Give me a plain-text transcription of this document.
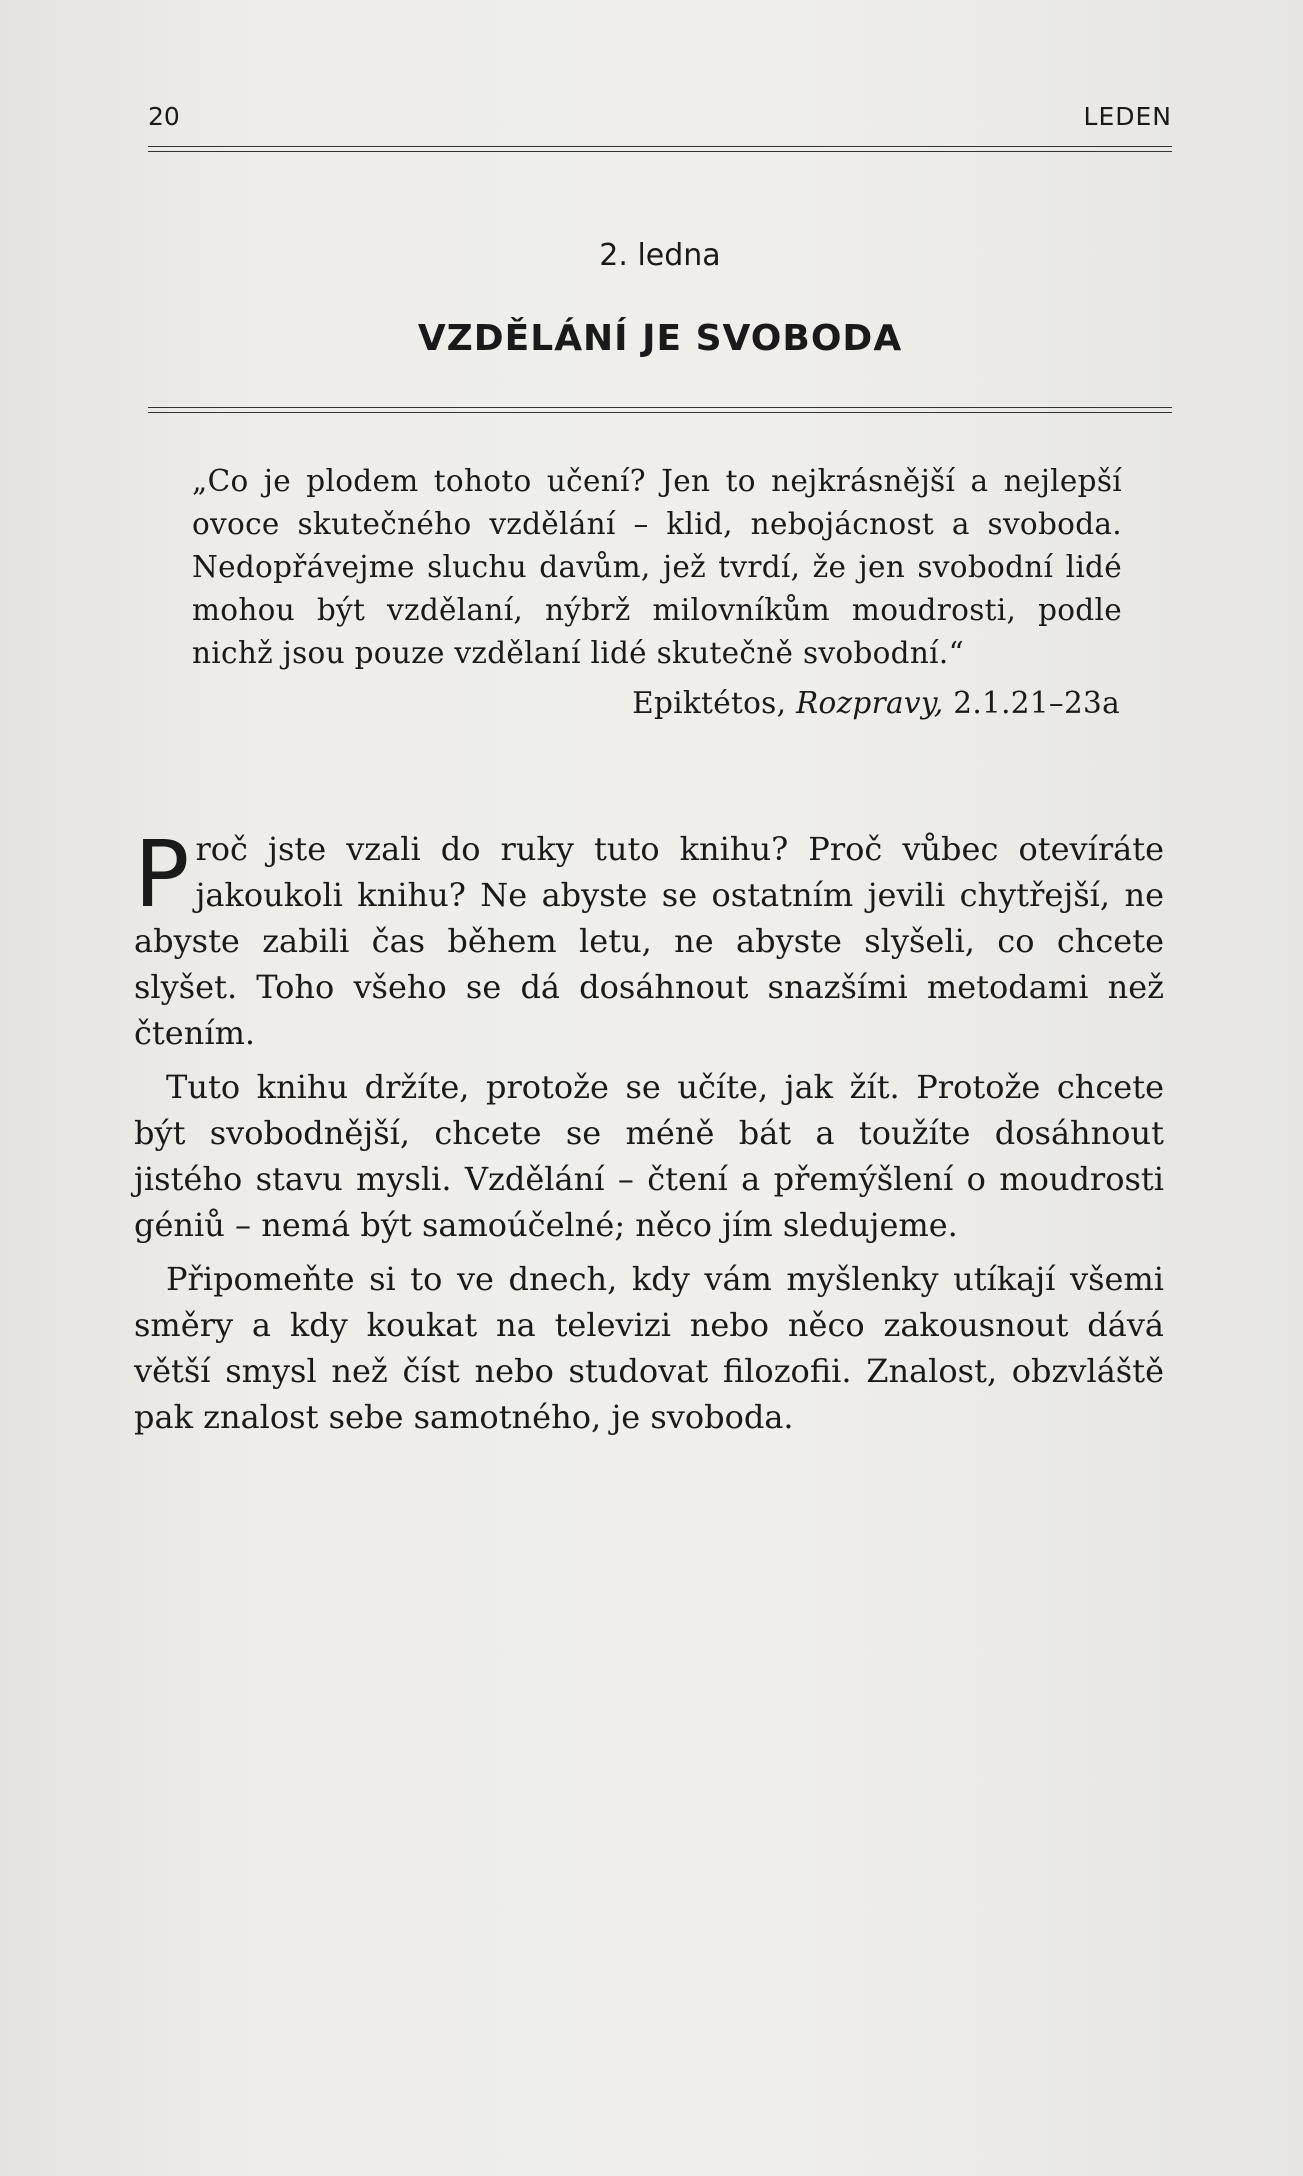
20	LEDEN
2. ledna
VZDĚLÁNÍ JE SVOBODA
„Co je plodem tohoto učení? Jen to nejkrásnější a nejlepší ovoce skutečného vzdělání – klid, nebojácnost a svoboda. Nedopřávejme sluchu davům, jež tvrdí, že jen svobodní lidé mohou být vzdělaní, nýbrž milovníkům moudrosti, podle nichž jsou pouze vzdělaní lidé skutečně svobodní.“
Epiktétos, Rozpravy, 2.1.21–23a

Proč jste vzali do ruky tuto knihu? Proč vůbec otevíráte jakoukoli knihu? Ne abyste se ostatním jevili chytřejší, ne abyste zabili čas během letu, ne abyste slyšeli, co chcete slyšet. Toho všeho se dá dosáhnout snazšími metodami než čtením.

Tuto knihu držíte, protože se učíte, jak žít. Protože chcete být svobodnější, chcete se méně bát a toužíte dosáhnout jistého stavu mysli. Vzdělání – čtení a přemýšlení o moudrosti géniů – nemá být samoúčelné; něco jím sledujeme.

Připomeňte si to ve dnech, kdy vám myšlenky utíkají všemi směry a kdy koukat na televizi nebo něco zakousnout dává větší smysl než číst nebo studovat filozofii. Znalost, obzvláště pak znalost sebe samotného, je svoboda.
